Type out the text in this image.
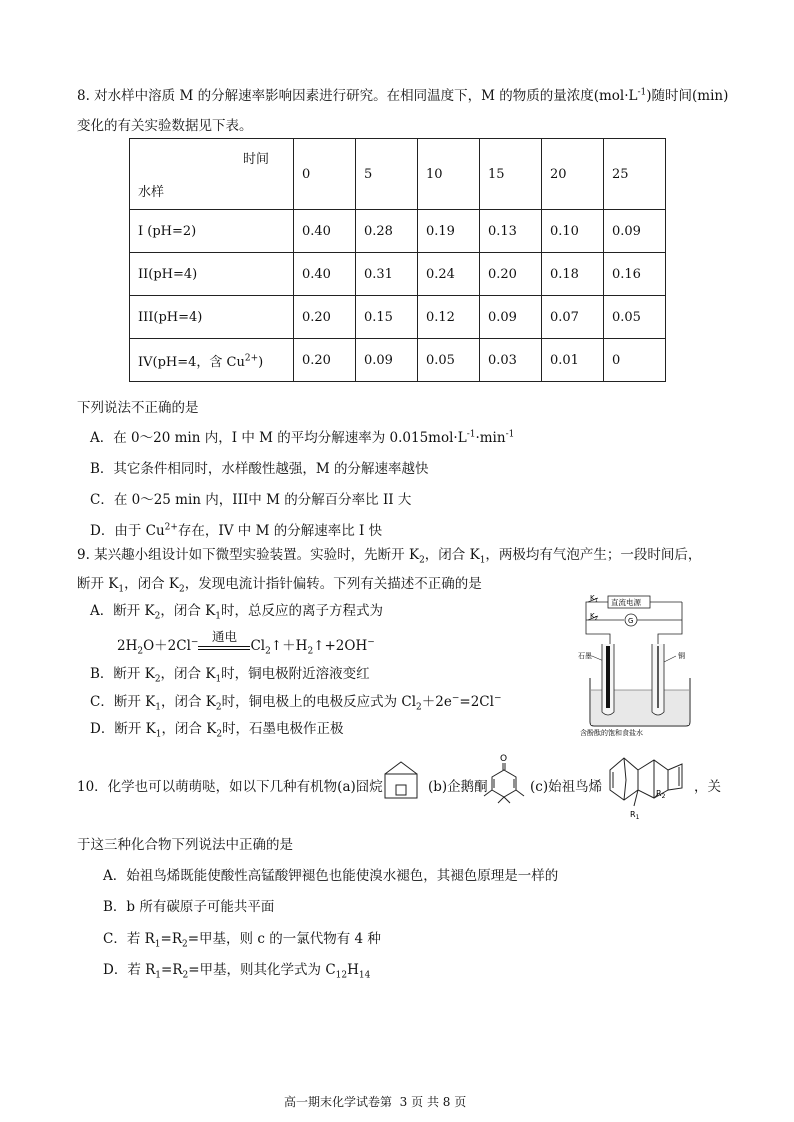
8. 对水样中溶质 M 的分解速率影响因素进行研究。在相同温度下，M 的物质的量浓度$(mol\cdot L^{-1})$随时间(min)
变化的有关实验数据见下表。
时间
水样	0	5	10	15	20	25
I (pH=2)	0.40	0.28	0.19	0.13	0.10	0.09
II(pH=4)	0.40	0.31	0.24	0.20	0.18	0.16
III(pH=4)	0.20	0.15	0.12	0.09	0.07	0.05
IV(pH=4，含 $Cu^{2+}$)	0.20	0.09	0.05	0.03	0.01	0
下列说法不正确的是
A．在 0～20 min 内，I 中 M 的平均分解速率为 $0.015mol\cdot L^{-1}\cdot\min^{-1}$
B．其它条件相同时，水样酸性越强，M 的分解速率越快
C．在 0～25 min 内，III中 M 的分解百分率比 II 大
D．由于 $Cu^{2+}$存在，IV 中 M 的分解速率比 I 快
9. 某兴趣小组设计如下微型实验装置。实验时，先断开 $K_2$，闭合 $K_1$，两极均有气泡产生；一段时间后，
断开 $K_1$，闭合 $K_2$，发现电流计指针偏转。下列有关描述不正确的是
A．断开 $K_2$，闭合 $K_1$时，总反应的离子方程式为
$2H_2O+2Cl^-$	通电
$Cl_2↑+H_2↑+2OH^-$
B．断开 $K_2$，闭合 $K_1$时，铜电极附近溶液变红
C．断开 $K_1$，闭合 $K_2$时，铜电极上的电极反应式为 $Cl_2+2e^-=2Cl^-$
D．断开 $K_1$，闭合 $K_2$时，石墨电极作正极
$K_1$
$K_2$
直流电源
G
石墨	铜
含酚酞的饱和食盐水
10．化学也可以萌萌哒，如以下几种有机物(a)囧烷	(b)企鹅酮
O
(c)始祖鸟烯
$R_1$
$R_2$
，关
于这三种化合物下列说法中正确的是
A．始祖鸟烯既能使酸性高锰酸钾褪色也能使溴水褪色，其褪色原理是一样的
B．b 所有碳原子可能共平面
C．若 $R_1=R_2=$甲基，则 c 的一氯代物有 4 种
D．若 $R_1=R_2=$甲基，则其化学式为 $C_{12}H_{14}$
高一期末化学试卷第 3 页 共 8 页
